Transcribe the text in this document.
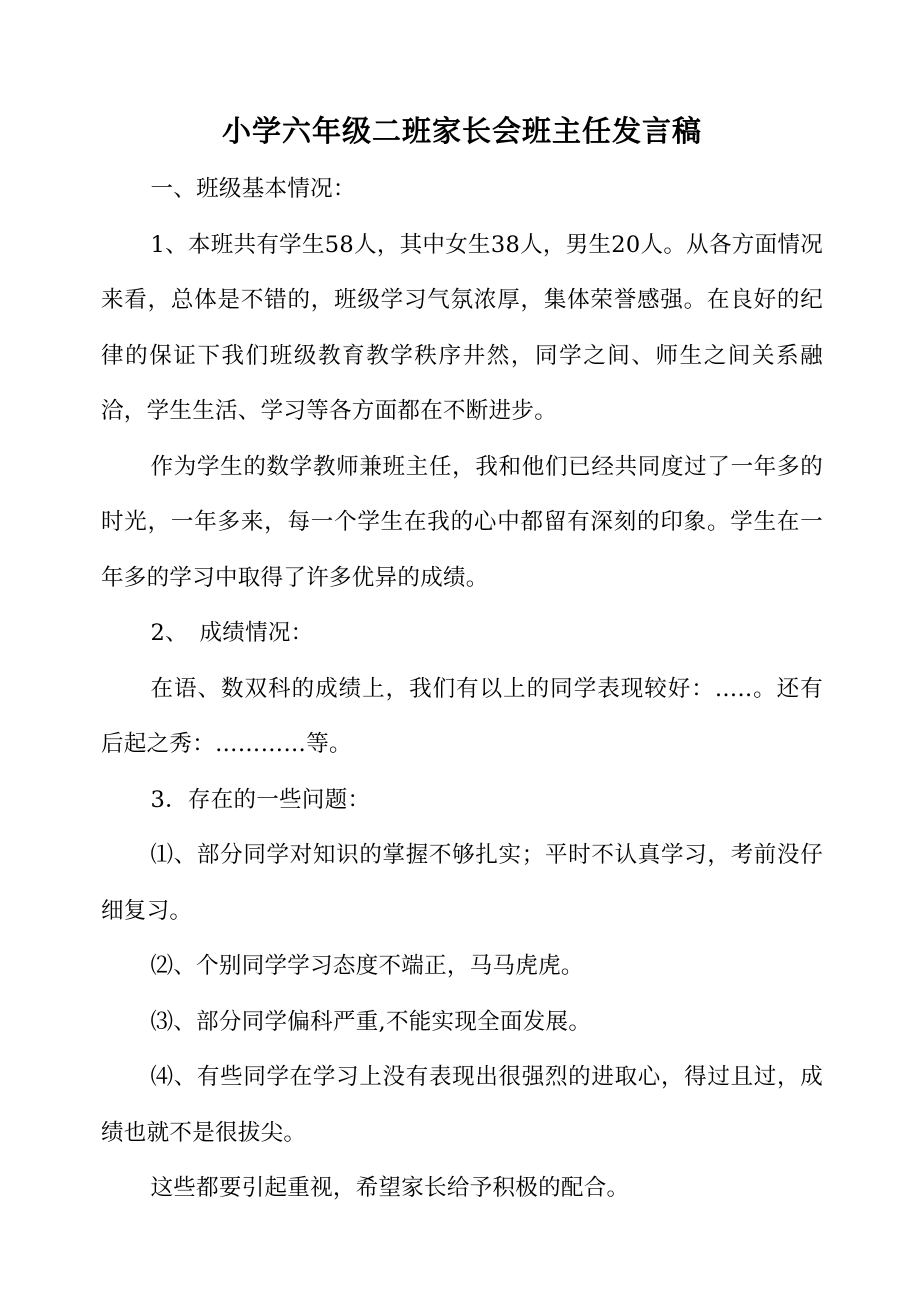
小学六年级二班家长会班主任发言稿

一、班级基本情况：

1、本班共有学生58人，其中女生38人，男生20人。从各方面情况来看，总体是不错的，班级学习气氛浓厚，集体荣誉感强。在良好的纪律的保证下我们班级教育教学秩序井然，同学之间、师生之间关系融洽，学生生活、学习等各方面都在不断进步。

作为学生的数学教师兼班主任，我和他们已经共同度过了一年多的时光，一年多来，每一个学生在我的心中都留有深刻的印象。学生在一年多的学习中取得了许多优异的成绩。

2、　成绩情况：

在语、数双科的成绩上，我们有以上的同学表现较好：…..。还有后起之秀：…………等。

3．存在的一些问题：

⑴、部分同学对知识的掌握不够扎实；平时不认真学习，考前没仔细复习。

⑵、个别同学学习态度不端正，马马虎虎。

⑶、部分同学偏科严重,不能实现全面发展。

⑷、有些同学在学习上没有表现出很强烈的进取心，得过且过，成绩也就不是很拔尖。

这些都要引起重视，希望家长给予积极的配合。
